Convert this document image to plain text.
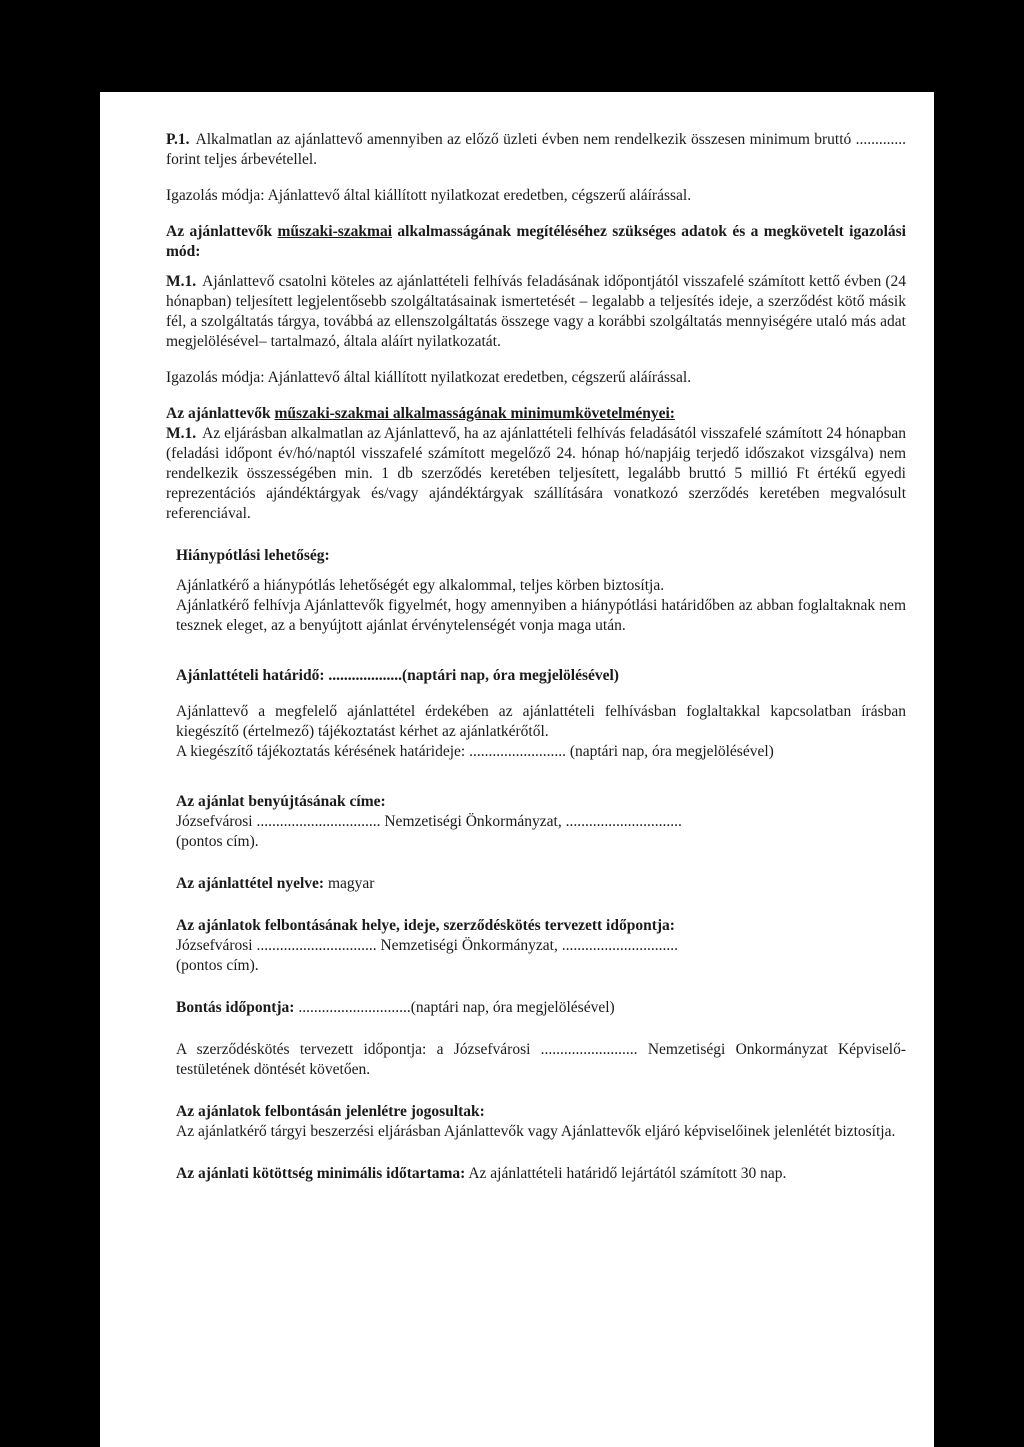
P.1. Alkalmatlan az ajánlattevő amennyiben az előző üzleti évben nem rendelkezik összesen minimum bruttó ............. forint teljes árbevétellel.

Igazolás módja: Ajánlattevő által kiállított nyilatkozat eredetben, cégszerű aláírással.

Az ajánlattevők műszaki-szakmai alkalmasságának megítéléséhez szükséges adatok és a megkövetelt igazolási mód:

M.1. Ajánlattevő csatolni köteles az ajánlattételi felhívás feladásának időpontjától visszafelé számított kettő évben (24 hónapban) teljesített legjelentősebb szolgáltatásainak ismertetését – legalabb a teljesítés ideje, a szerződést kötő másik fél, a szolgáltatás tárgya, továbbá az ellenszolgáltatás összege vagy a korábbi szolgáltatás mennyiségére utaló más adat megjelölésével– tartalmazó, általa aláírt nyilatkozatát.

Igazolás módja: Ajánlattevő által kiállított nyilatkozat eredetben, cégszerű aláírással.

Az ajánlattevők műszaki-szakmai alkalmasságának minimumkövetelményei:

M.1. Az eljárásban alkalmatlan az Ajánlattevő, ha az ajánlattételi felhívás feladásától visszafelé számított 24 hónapban (feladási időpont év/hó/naptól visszafelé számított megelőző 24. hónap hó/napjáig terjedő időszakot vizsgálva) nem rendelkezik összességében min. 1 db szerződés keretében teljesített, legalább bruttó 5 millió Ft értékű egyedi reprezentációs ajándéktárgyak és/vagy ajándéktárgyak szállítására vonatkozó szerződés keretében megvalósult referenciával.

Hiánypótlási lehetőség:

Ajánlatkérő a hiánypótlás lehetőségét egy alkalommal, teljes körben biztosítja.

Ajánlatkérő felhívja Ajánlattevők figyelmét, hogy amennyiben a hiánypótlási határidőben az abban foglaltaknak nem tesznek eleget, az a benyújtott ajánlat érvénytelenségét vonja maga után.

Ajánlattételi határidő: ...................(naptári nap, óra megjelölésével)

Ajánlattevő a megfelelő ajánlattétel érdekében az ajánlattételi felhívásban foglaltakkal kapcsolatban írásban kiegészítő (értelmező) tájékoztatást kérhet az ajánlatkérőtől.

A kiegészítő tájékoztatás kérésének határideje: ......................... (naptári nap, óra megjelölésével)

Az ajánlat benyújtásának címe:

Józsefvárosi ................................ Nemzetiségi Önkormányzat, ..............................

(pontos cím).

Az ajánlattétel nyelve: magyar

Az ajánlatok felbontásának helye, ideje, szerződéskötés tervezett időpontja:

Józsefvárosi ............................... Nemzetiségi Önkormányzat, ..............................

(pontos cím).

Bontás időpontja: .............................(naptári nap, óra megjelölésével)

A szerződéskötés tervezett időpontja: a Józsefvárosi ......................... Nemzetiségi Onkormányzat Képviselő-testületének döntését követően.

Az ajánlatok felbontásán jelenlétre jogosultak:

Az ajánlatkérő tárgyi beszerzési eljárásban Ajánlattevők vagy Ajánlattevők eljáró képviselőinek jelenlétét biztosítja.

Az ajánlati kötöttség minimális időtartama: Az ajánlattételi határidő lejártától számított 30 nap.
